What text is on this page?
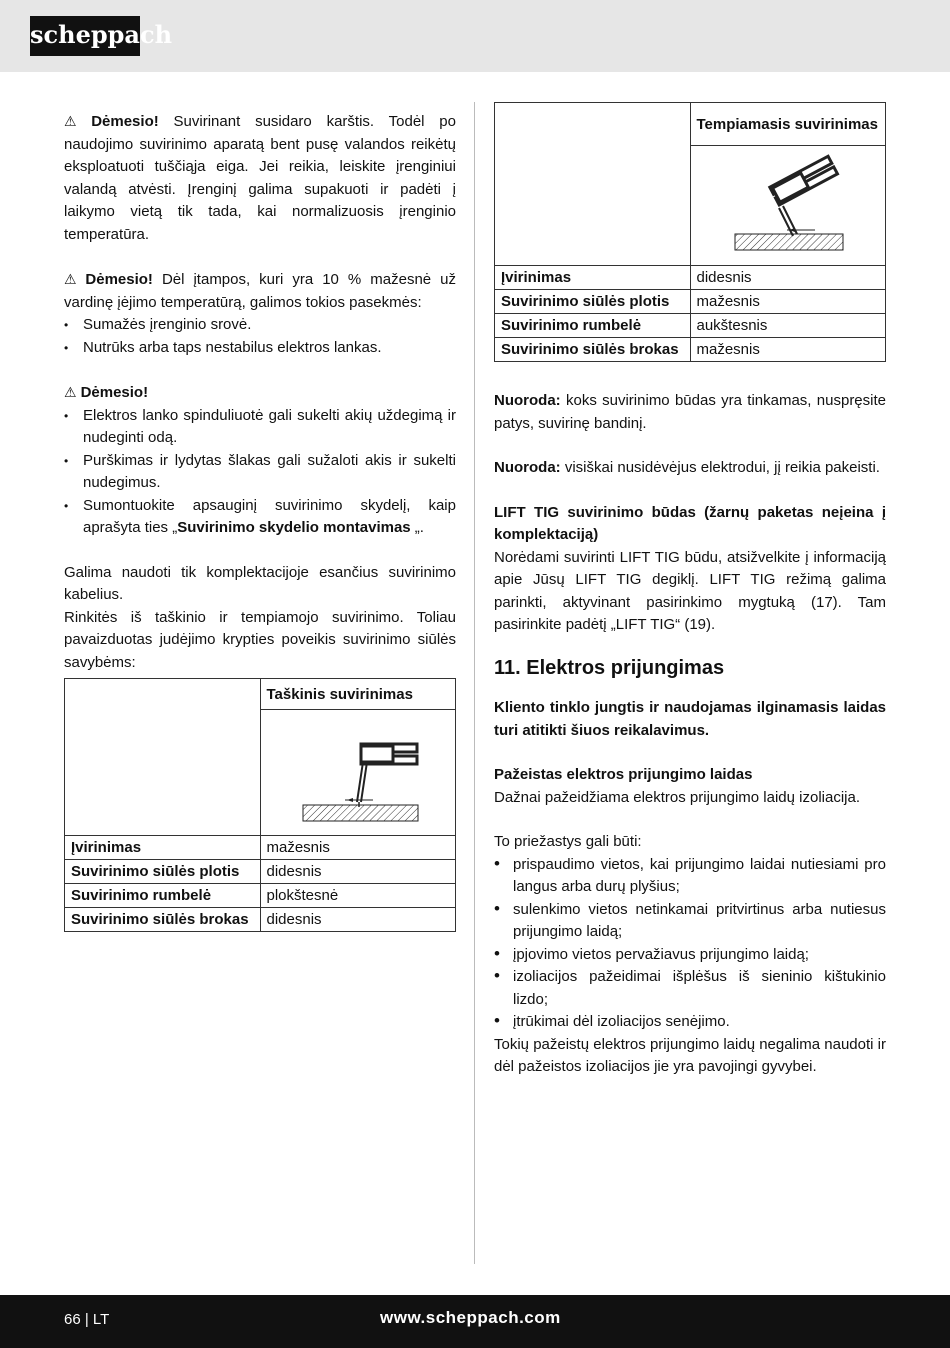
scheppach

⚠ Dėmesio! Suvirinant susidaro karštis. Todėl po naudojimo suvirinimo aparatą bent pusę valandos reikėtų eksploatuoti tuščiąja eiga. Jei reikia, leiskite įrenginiui valandą atvėsti. Įrenginį galima supakuoti ir padėti į laikymo vietą tik tada, kai normalizuosis įrenginio temperatūra.

⚠ Dėmesio! Dėl įtampos, kuri yra 10 % mažesnė už vardinę įėjimo temperatūrą, galimos tokios pasekmės:

• Sumažės įrenginio srovė.
• Nutrūks arba taps nestabilus elektros lankas.

⚠ Dėmesio!

• Elektros lanko spinduliuotė gali sukelti akių uždegimą ir nudeginti odą.
• Purškimas ir lydytas šlakas gali sužaloti akis ir sukelti nudegimus.
• Sumontuokite apsauginį suvirinimo skydelį, kaip aprašyta ties „Suvirinimo skydelio montavimas „.

Galima naudoti tik komplektacijoje esančius suvirinimo kabelius.

Rinkitės iš taškinio ir tempiamojo suvirinimo. Toliau pavaizduotas judėjimo krypties poveikis suvirinimo siūlės savybėms:

	Taškinis suvirinimas

Įvirinimas	mažesnis
Suvirinimo siūlės plotis	didesnis
Suvirinimo rumbelė	plokštesnė
Suvirinimo siūlės brokas	didesnis
	Tempiamasis suvirinimas

Įvirinimas	didesnis
Suvirinimo siūlės plotis	mažesnis
Suvirinimo rumbelė	aukštesnis
Suvirinimo siūlės brokas	mažesnis

Nuoroda: koks suvirinimo būdas yra tinkamas, nuspręsite patys, suvirinę bandinį.

Nuoroda: visiškai nusidėvėjus elektrodui, jį reikia pakeisti.

LIFT TIG suvirinimo būdas (žarnų paketas neįeina į komplektaciją)

Norėdami suvirinti LIFT TIG būdu, atsižvelkite į informaciją apie Jūsų LIFT TIG degiklį. LIFT TIG režimą galima parinkti, aktyvinant pasirinkimo mygtuką (17). Tam pasirinkite padėtį „LIFT TIG“ (19).

11. Elektros prijungimas

Kliento tinklo jungtis ir naudojamas ilginamasis laidas turi atitikti šiuos reikalavimus.

Pažeistas elektros prijungimo laidas

Dažnai pažeidžiama elektros prijungimo laidų izoliacija.

To priežastys gali būti:

• prispaudimo vietos, kai prijungimo laidai nutiesiami pro langus arba durų plyšius;
• sulenkimo vietos netinkamai pritvirtinus arba nutiesus prijungimo laidą;
• įpjovimo vietos pervažiavus prijungimo laidą;
• izoliacijos pažeidimai išplėšus iš sieninio kištukinio lizdo;
• įtrūkimai dėl izoliacijos senėjimo.

Tokių pažeistų elektros prijungimo laidų negalima naudoti ir dėl pažeistos izoliacijos jie yra pavojingi gyvybei.

66 | LT	www.scheppach.com
